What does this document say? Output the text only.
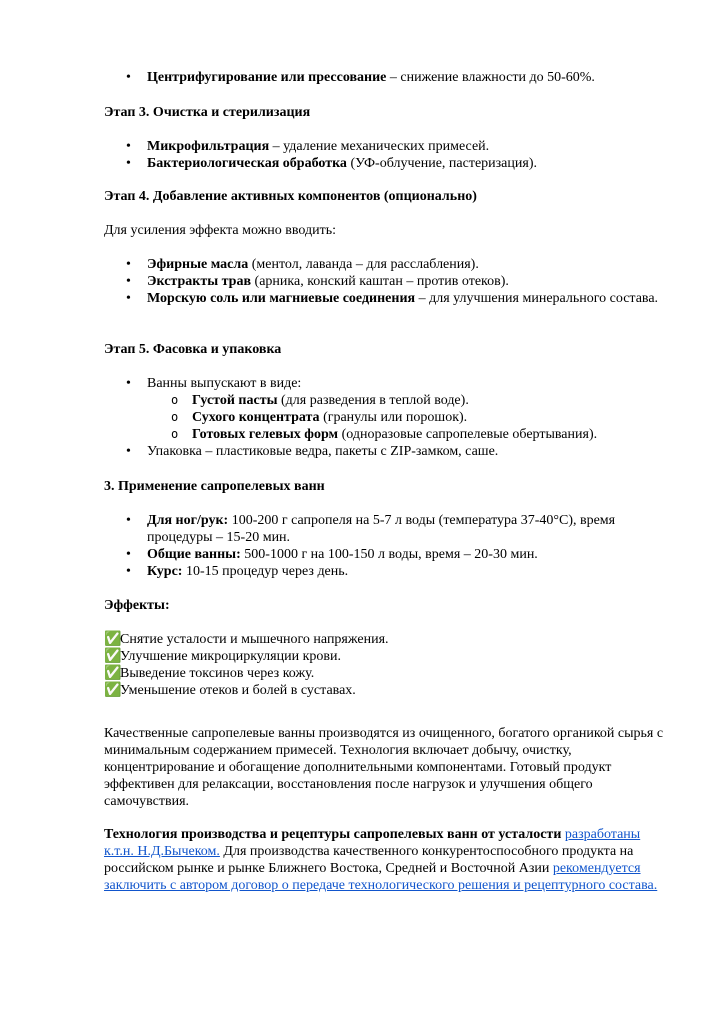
• Центрифугирование или прессование – снижение влажности до 50-60%.

Этап 3. Очистка и стерилизация

• Микрофильтрация – удаление механических примесей.
• Бактериологическая обработка (УФ-облучение, пастеризация).

Этап 4. Добавление активных компонентов (опционально)

Для усиления эффекта можно вводить:

• Эфирные масла (ментол, лаванда – для расслабления).
• Экстракты трав (арника, конский каштан – против отеков).
• Морскую соль или магниевые соединения – для улучшения минерального состава.

Этап 5. Фасовка и упаковка

• Ванны выпускают в виде:
o Густой пасты (для разведения в теплой воде).
o Сухого концентрата (гранулы или порошок).
o Готовых гелевых форм (одноразовые сапропелевые обертывания).
• Упаковка – пластиковые ведра, пакеты с ZIP-замком, саше.

3. Применение сапропелевых ванн

• Для ног/рук: 100-200 г сапропеля на 5-7 л воды (температура 37-40°C), время процедуры – 15-20 мин.
• Общие ванны: 500-1000 г на 100-150 л воды, время – 20-30 мин.
• Курс: 10-15 процедур через день.

Эффекты:

✅Снятие усталости и мышечного напряжения.
✅Улучшение микроциркуляции крови.
✅Выведение токсинов через кожу.
✅Уменьшение отеков и болей в суставах.

Качественные сапропелевые ванны производятся из очищенного, богатого органикой сырья с минимальным содержанием примесей. Технология включает добычу, очистку, концентрирование и обогащение дополнительными компонентами. Готовый продукт эффективен для релаксации, восстановления после нагрузок и улучшения общего самочувствия.

Технология производства и рецептуры сапропелевых ванн от усталости разработаны к.т.н. Н.Д.Бычеком. Для производства качественного конкурентоспособного продукта на российском рынке и рынке Ближнего Востока, Средней и Восточной Азии рекомендуется заключить с автором договор о передаче технологического решения и рецептурного состава.
